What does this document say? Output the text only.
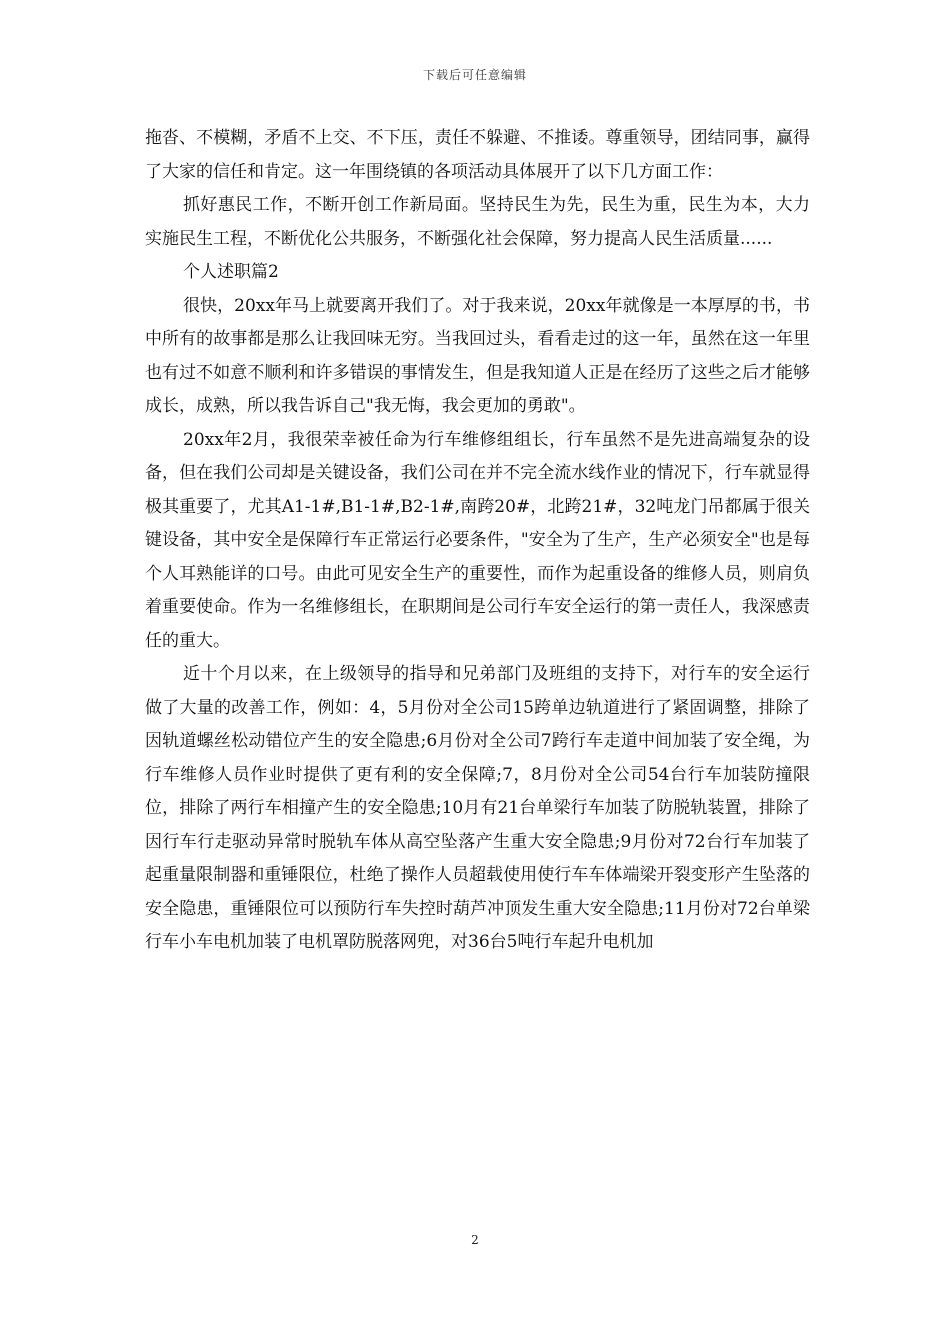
下载后可任意编辑

拖沓、不模糊，矛盾不上交、不下压，责任不躲避、不推诿。尊重领导，团结同事，赢得了大家的信任和肯定。这一年围绕镇的各项活动具体展开了以下几方面工作：

抓好惠民工作，不断开创工作新局面。坚持民生为先，民生为重，民生为本，大力实施民生工程，不断优化公共服务，不断强化社会保障，努力提高人民生活质量......

个人述职篇2

很快，20xx年马上就要离开我们了。对于我来说，20xx年就像是一本厚厚的书，书中所有的故事都是那么让我回味无穷。当我回过头，看看走过的这一年，虽然在这一年里也有过不如意不顺利和许多错误的事情发生，但是我知道人正是在经历了这些之后才能够成长，成熟，所以我告诉自己"我无悔，我会更加的勇敢"。

20xx年2月，我很荣幸被任命为行车维修组组长，行车虽然不是先进高端复杂的设备，但在我们公司却是关键设备，我们公司在并不完全流水线作业的情况下，行车就显得极其重要了，尤其A1-1#,B1-1#,B2-1#,南跨20#，北跨21#，32吨龙门吊都属于很关键设备，其中安全是保障行车正常运行必要条件，"安全为了生产，生产必须安全"也是每个人耳熟能详的口号。由此可见安全生产的重要性，而作为起重设备的维修人员，则肩负着重要使命。作为一名维修组长，在职期间是公司行车安全运行的第一责任人，我深感责任的重大。

近十个月以来，在上级领导的指导和兄弟部门及班组的支持下，对行车的安全运行做了大量的改善工作，例如：4，5月份对全公司15跨单边轨道进行了紧固调整，排除了因轨道螺丝松动错位产生的安全隐患;6月份对全公司7跨行车走道中间加装了安全绳，为行车维修人员作业时提供了更有利的安全保障;7，8月份对全公司54台行车加装防撞限位，排除了两行车相撞产生的安全隐患;10月有21台单梁行车加装了防脱轨装置，排除了因行车行走驱动异常时脱轨车体从高空坠落产生重大安全隐患;9月份对72台行车加装了起重量限制器和重锤限位，杜绝了操作人员超载使用使行车车体端梁开裂变形产生坠落的安全隐患，重锤限位可以预防行车失控时葫芦冲顶发生重大安全隐患;11月份对72台单梁行车小车电机加装了电机罩防脱落网兜，对36台5吨行车起升电机加

2
